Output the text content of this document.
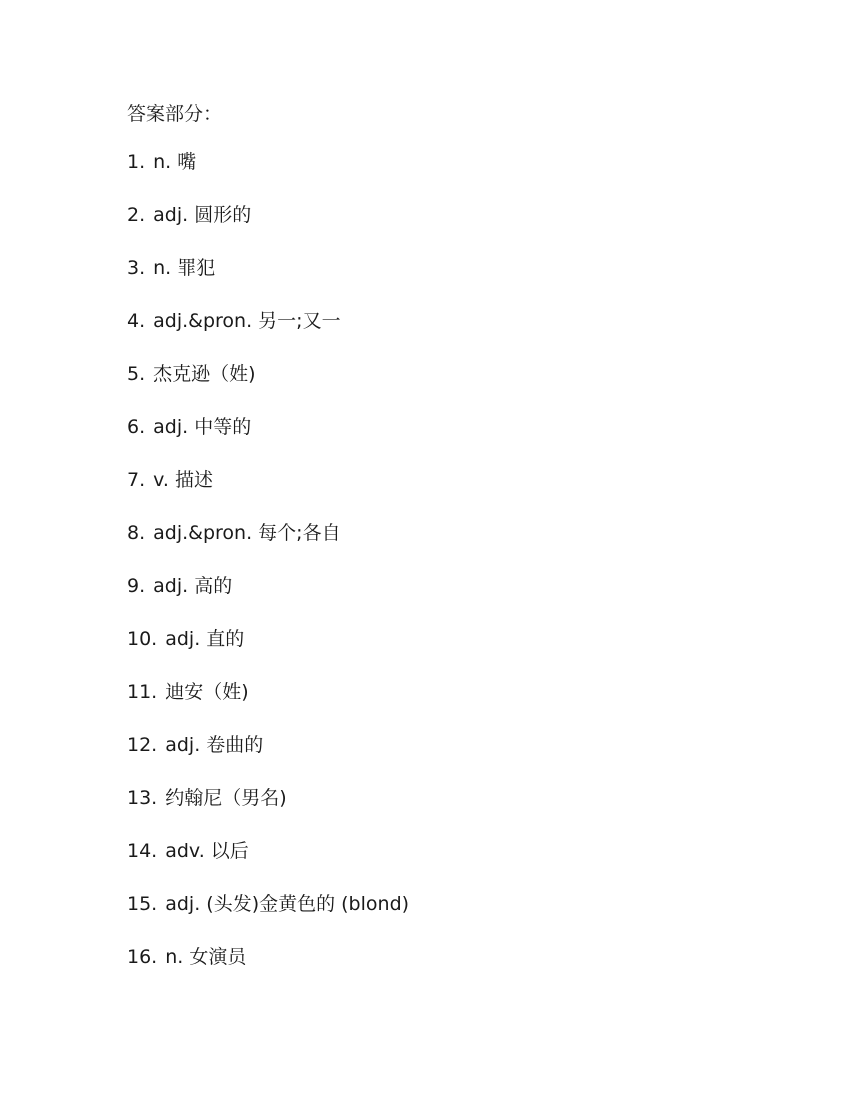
答案部分：
1. n. 嘴
2. adj. 圆形的
3. n. 罪犯
4. adj.&pron. 另一;又一
5. 杰克逊（姓)
6. adj. 中等的
7. v. 描述
8. adj.&pron. 每个;各自
9. adj. 高的
10. adj. 直的
11. 迪安（姓)
12. adj. 卷曲的
13. 约翰尼（男名)
14. adv. 以后
15. adj. (头发)金黄色的 (blond)
16. n. 女演员
